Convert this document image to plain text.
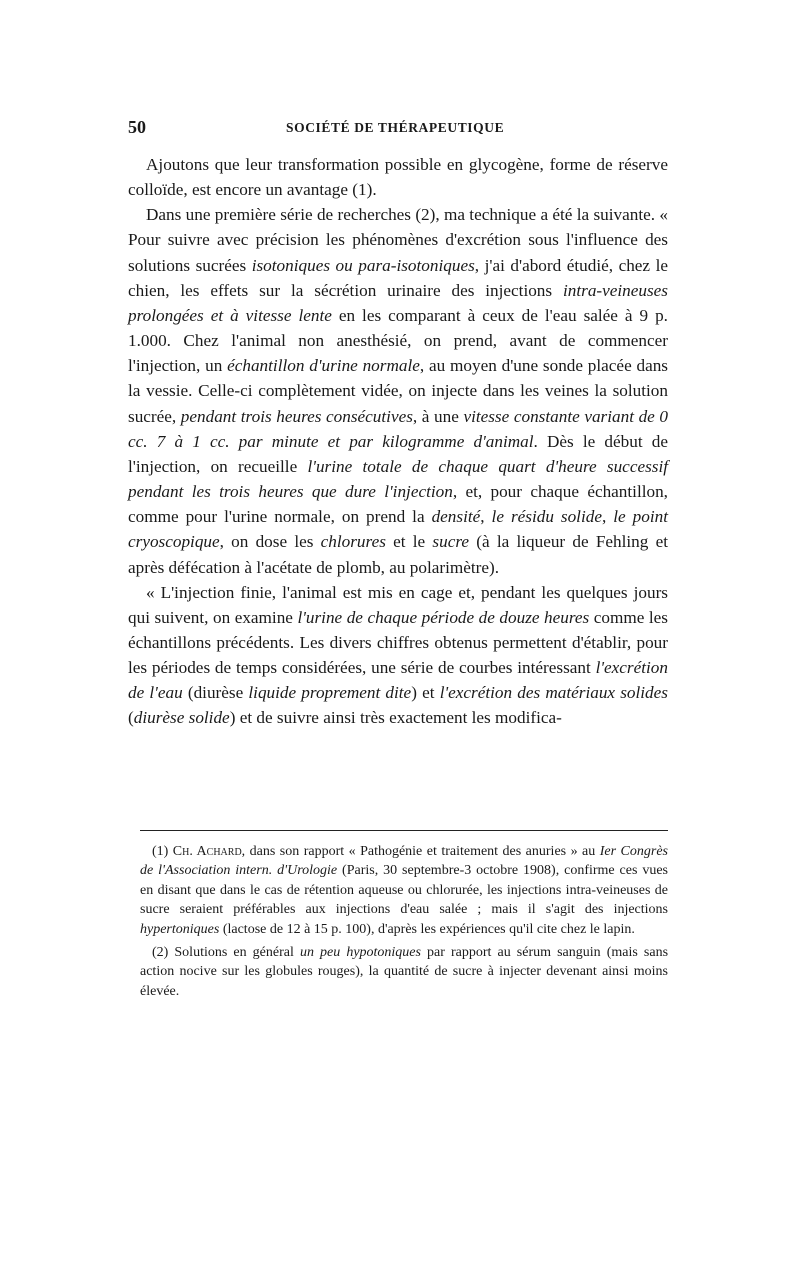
50	SOCIÉTÉ DE THÉRAPEUTIQUE

Ajoutons que leur transformation possible en glycogène, forme de réserve colloïde, est encore un avantage (1).

Dans une première série de recherches (2), ma technique a été la suivante. « Pour suivre avec précision les phénomènes d'excrétion sous l'influence des solutions sucrées isotoniques ou para-isotoniques, j'ai d'abord étudié, chez le chien, les effets sur la sécrétion urinaire des injections intra-veineuses prolongées et à vitesse lente en les comparant à ceux de l'eau salée à 9 p. 1.000. Chez l'animal non anesthésié, on prend, avant de commencer l'injection, un échantillon d'urine normale, au moyen d'une sonde placée dans la vessie. Celle-ci complètement vidée, on injecte dans les veines la solution sucrée, pendant trois heures consécutives, à une vitesse constante variant de 0 cc. 7 à 1 cc. par minute et par kilogramme d'animal. Dès le début de l'injection, on recueille l'urine totale de chaque quart d'heure successif pendant les trois heures que dure l'injection, et, pour chaque échantillon, comme pour l'urine normale, on prend la densité, le résidu solide, le point cryoscopique, on dose les chlorures et le sucre (à la liqueur de Fehling et après défécation à l'acétate de plomb, au polarimètre).

« L'injection finie, l'animal est mis en cage et, pendant les quelques jours qui suivent, on examine l'urine de chaque période de douze heures comme les échantillons précédents. Les divers chiffres obtenus permettent d'établir, pour les périodes de temps considérées, une série de courbes intéressant l'excrétion de l'eau (diurèse liquide proprement dite) et l'excrétion des matériaux solides (diurèse solide) et de suivre ainsi très exactement les modifica-

(1) Ch. Achard, dans son rapport « Pathogénie et traitement des anuries » au Ier Congrès de l'Association intern. d'Urologie (Paris, 30 septembre-3 octobre 1908), confirme ces vues en disant que dans le cas de rétention aqueuse ou chlorurée, les injections intra-veineuses de sucre seraient préférables aux injections d'eau salée ; mais il s'agit des injections hypertoniques (lactose de 12 à 15 p. 100), d'après les expériences qu'il cite chez le lapin.

(2) Solutions en général un peu hypotoniques par rapport au sérum sanguin (mais sans action nocive sur les globules rouges), la quantité de sucre à injecter devenant ainsi moins élevée.
